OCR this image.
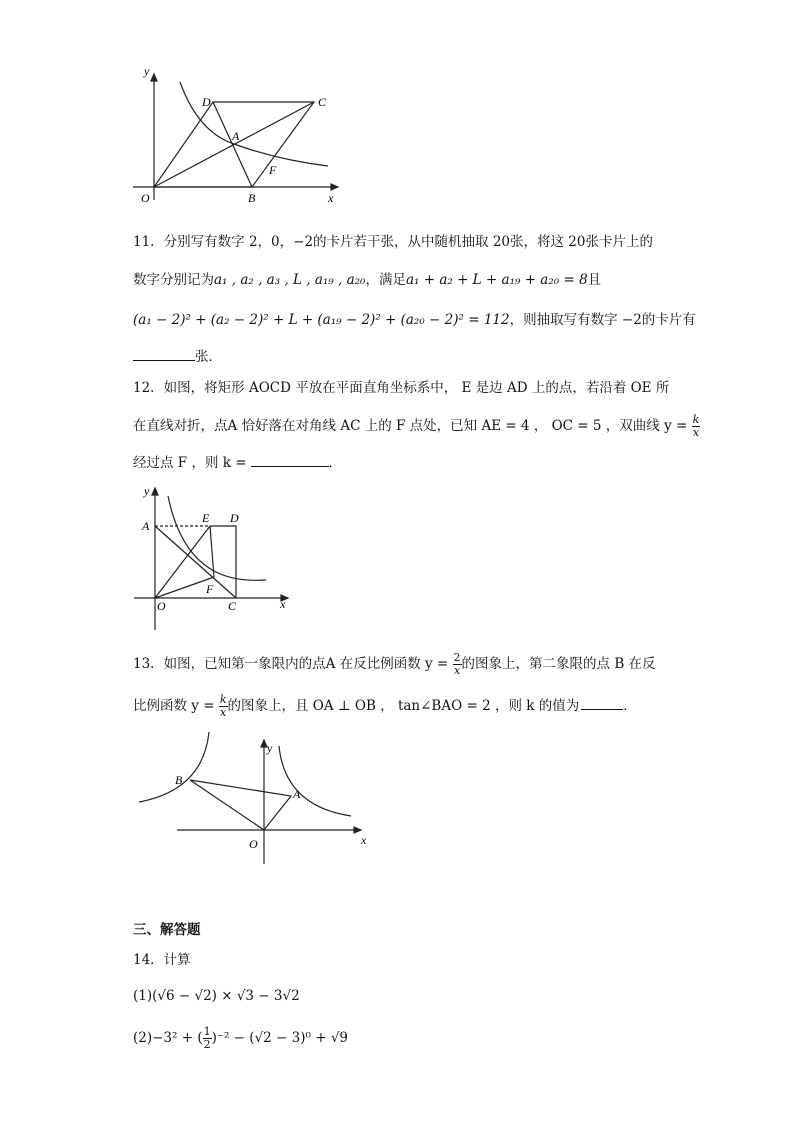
y
x
O	B
D	C
A
F
11．分别写有数字 2，0，−2的卡片若干张，从中随机抽取 20张，将这 20张卡片上的
数字分别记为a₁ , a₂ , a₃ , L , a₁₉ , a₂₀，满足a₁ + a₂ + L + a₁₉ + a₂₀ = 8且
(a₁ − 2)² + (a₂ − 2)² + L + (a₁₉ − 2)² + (a₂₀ − 2)² = 112，则抽取写有数字 −2的卡片有
张．
12．如图，将矩形 AOCD 平放在平面直角坐标系中， E 是边 AD 上的点，若沿着 OE 所
在直线对折，点A 恰好落在对角线 AC 上的 F 点处，已知 AE = 4 ， OC = 5 ，双曲线 $y = \frac{k}{x}$
经过点 F ，则 k =	．
y
x
A
E D
O
F
C
13．如图，已知第一象限内的点A 在反比例函数 $y = \frac{2}{x}$ 的图象上，第二象限的点 B 在反
比例函数 $y = \frac{k}{x}$ 的图象上，且 OA ⊥ OB ， tan∠BAO = 2 ，则 k 的值为	．
y
x
B
A
O
三、解答题
14．计算
(1)(√6 − √2) × √3 − 3√2
(2)−3² + ( $\frac{1}{2} )^{-2} - (√2 - 3)^0 + √9$
